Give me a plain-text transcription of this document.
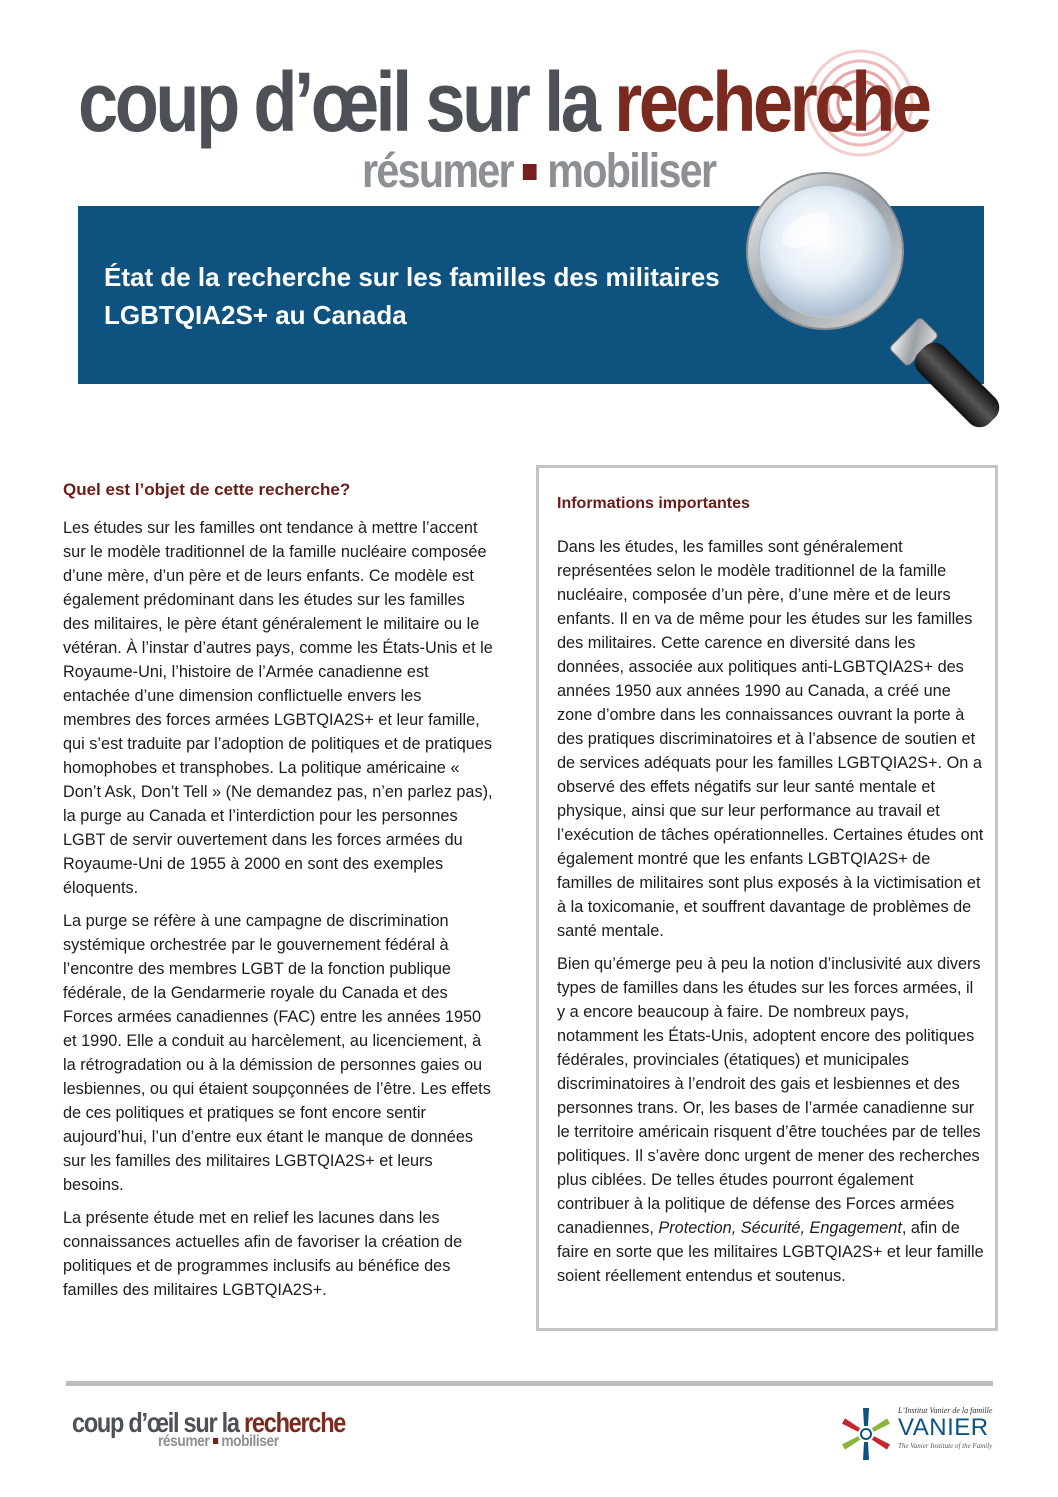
coup d’œil sur la recherche
résumer mobiliser
État de la recherche sur les familles des militaires LGBTQIA2S+ au Canada
Quel est l’objet de cette recherche?

Les études sur les familles ont tendance à mettre l’accent sur le modèle traditionnel de la famille nucléaire composée d’une mère, d’un père et de leurs enfants. Ce modèle est également prédominant dans les études sur les familles des militaires, le père étant généralement le militaire ou le vétéran. À l’instar d’autres pays, comme les États-Unis et le Royaume-Uni, l’histoire de l’Armée canadienne est entachée d’une dimension conflictuelle envers les membres des forces armées LGBTQIA2S+ et leur famille, qui s’est traduite par l’adoption de politiques et de pratiques homophobes et transphobes. La politique américaine « Don’t Ask, Don’t Tell » (Ne demandez pas, n’en parlez pas), la purge au Canada et l’interdiction pour les personnes LGBT de servir ouvertement dans les forces armées du Royaume-Uni de 1955 à 2000 en sont des exemples éloquents.

La purge se réfère à une campagne de discrimination systémique orchestrée par le gouvernement fédéral à l’encontre des membres LGBT de la fonction publique fédérale, de la Gendarmerie royale du Canada et des Forces armées canadiennes (FAC) entre les années 1950 et 1990. Elle a conduit au harcèlement, au licenciement, à la rétrogradation ou à la démission de personnes gaies ou lesbiennes, ou qui étaient soupçonnées de l’être. Les effets de ces politiques et pratiques se font encore sentir aujourd’hui, l’un d’entre eux étant le manque de données sur les familles des militaires LGBTQIA2S+ et leurs besoins.

La présente étude met en relief les lacunes dans les connaissances actuelles afin de favoriser la création de politiques et de programmes inclusifs au bénéfice des familles des militaires LGBTQIA2S+.

Informations importantes

Dans les études, les familles sont généralement représentées selon le modèle traditionnel de la famille nucléaire, composée d’un père, d’une mère et de leurs enfants. Il en va de même pour les études sur les familles des militaires. Cette carence en diversité dans les données, associée aux politiques anti-LGBTQIA2S+ des années 1950 aux années 1990 au Canada, a créé une zone d’ombre dans les connaissances ouvrant la porte à des pratiques discriminatoires et à l’absence de soutien et de services adéquats pour les familles LGBTQIA2S+. On a observé des effets négatifs sur leur santé mentale et physique, ainsi que sur leur performance au travail et l’exécution de tâches opérationnelles. Certaines études ont également montré que les enfants LGBTQIA2S+ de familles de militaires sont plus exposés à la victimisation et à la toxicomanie, et souffrent davantage de problèmes de santé mentale.

Bien qu’émerge peu à peu la notion d’inclusivité aux divers types de familles dans les études sur les forces armées, il y a encore beaucoup à faire. De nombreux pays, notamment les États-Unis, adoptent encore des politiques fédérales, provinciales (étatiques) et municipales discriminatoires à l’endroit des gais et lesbiennes et des personnes trans. Or, les bases de l’armée canadienne sur le territoire américain risquent d’être touchées par de telles politiques. Il s’avère donc urgent de mener des recherches plus ciblées. De telles études pourront également contribuer à la politique de défense des Forces armées canadiennes, Protection, Sécurité, Engagement, afin de faire en sorte que les militaires LGBTQIA2S+ et leur famille soient réellement entendus et soutenus.

coup d’œil sur la recherche
résumer mobiliser
L’Institut Vanier de la famille
VANIER
The Vanier Institute of the Family
